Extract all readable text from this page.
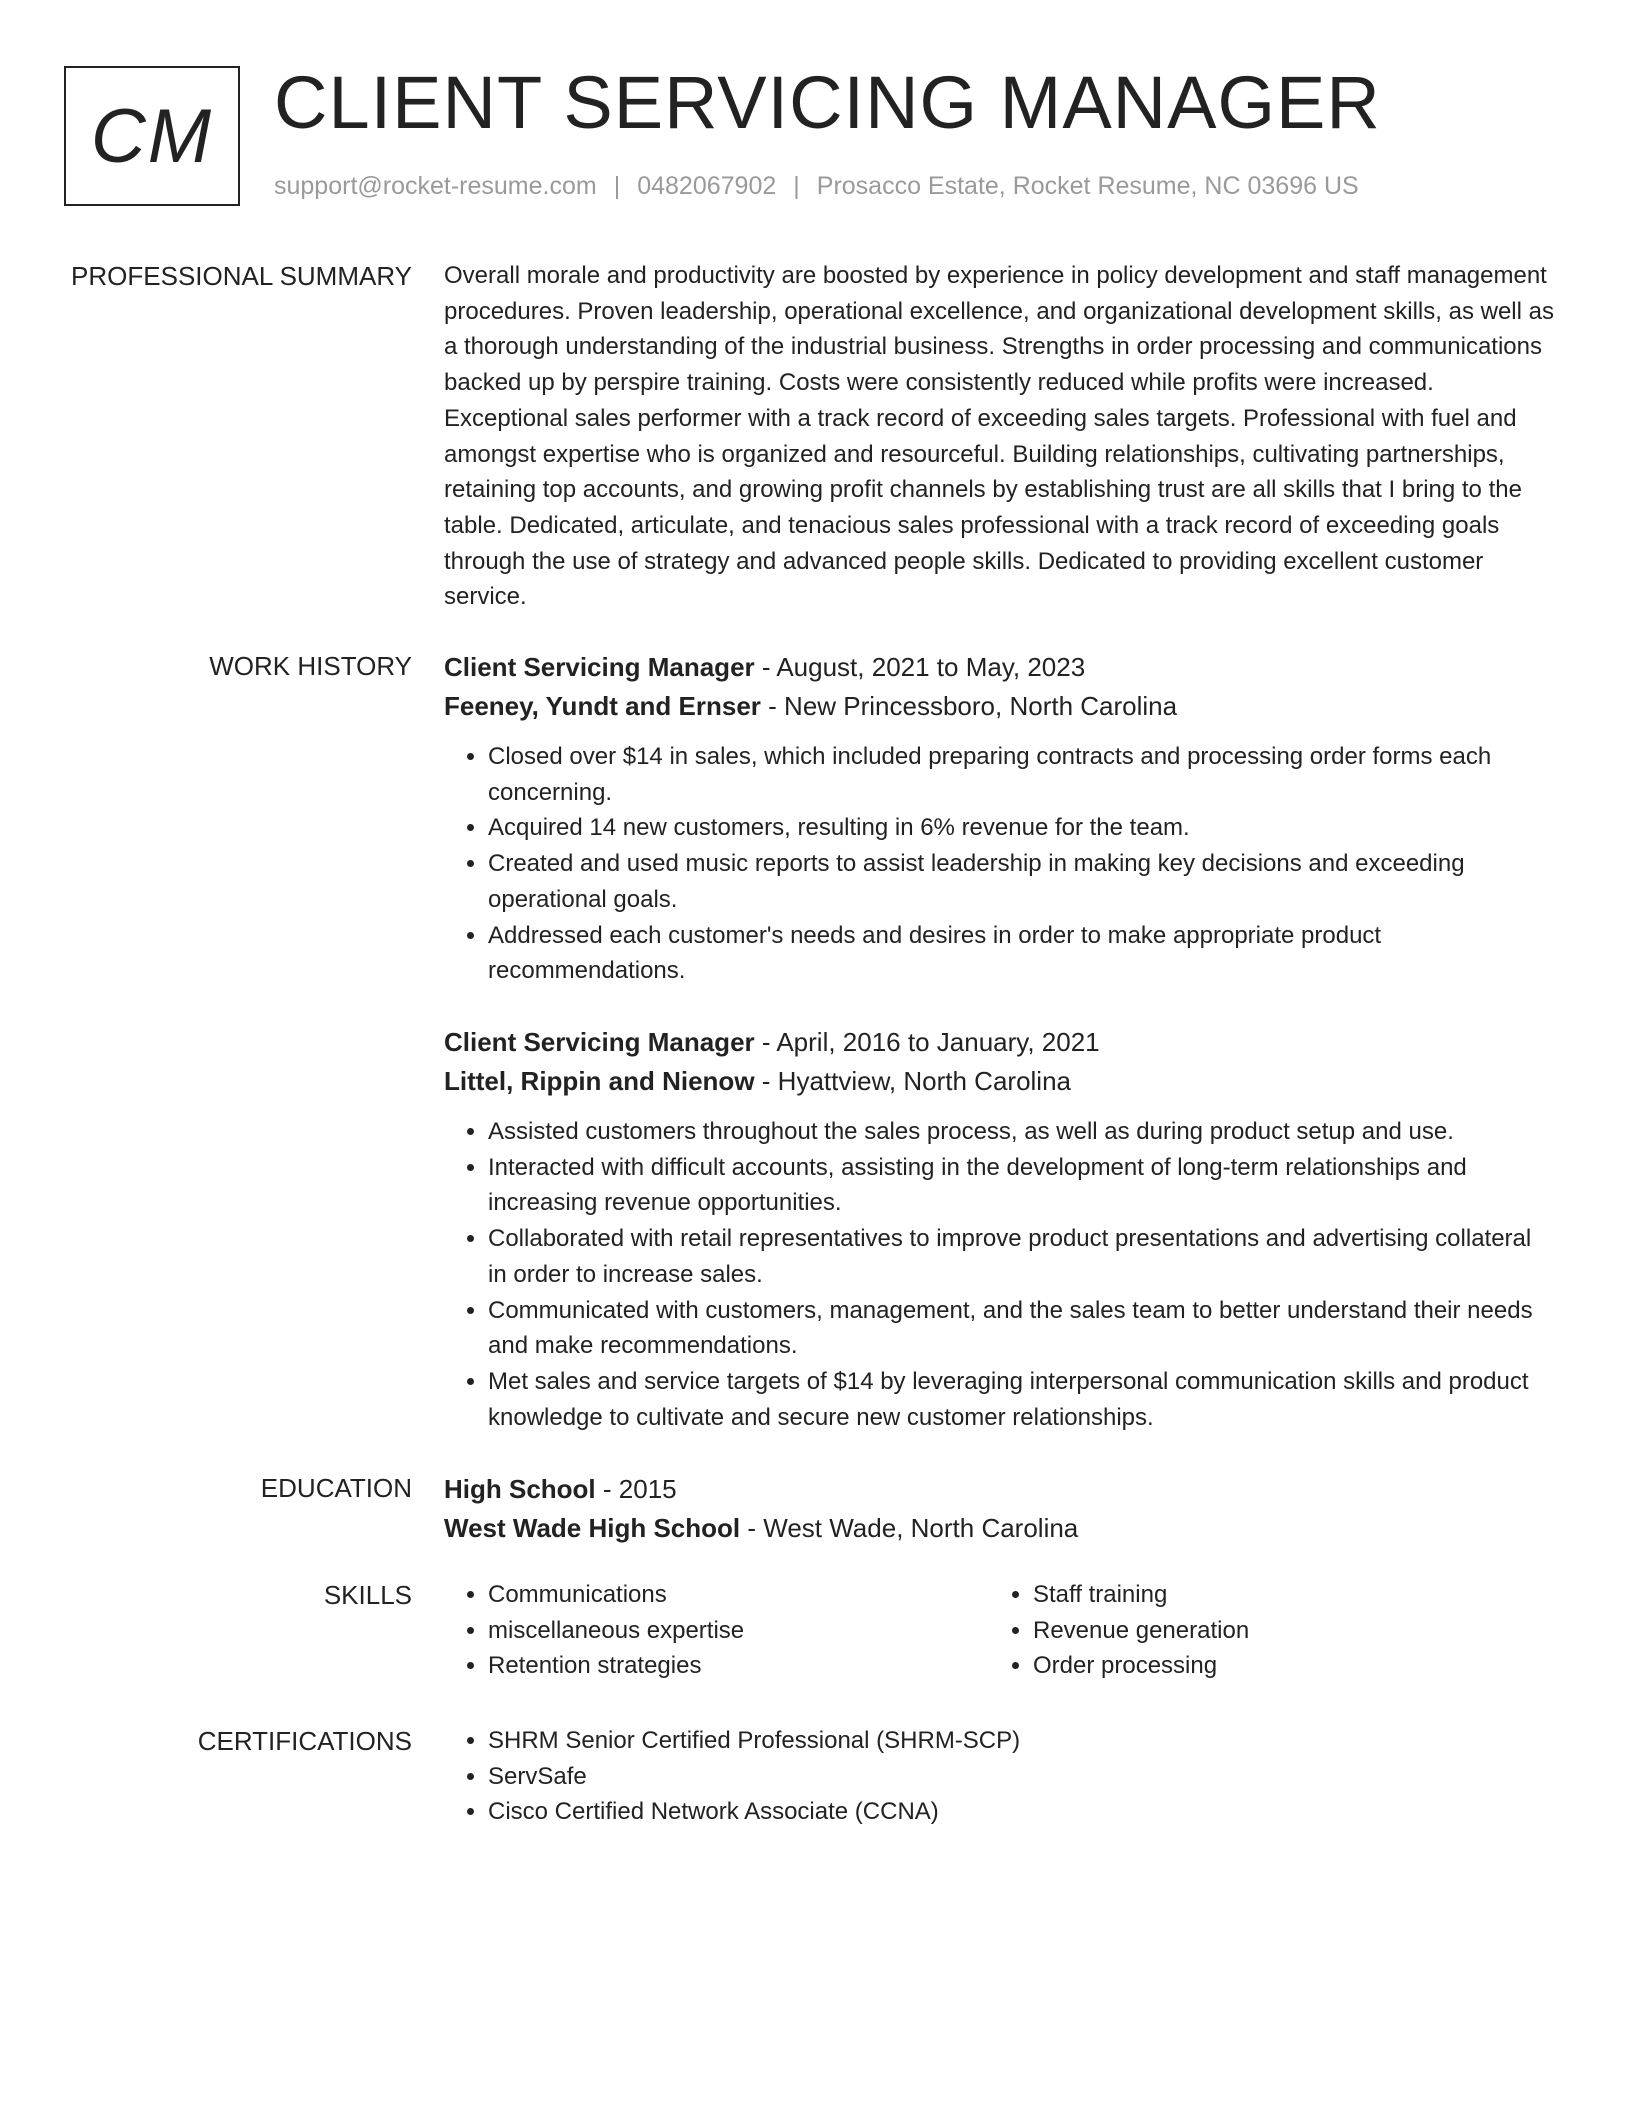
CM CLIENT SERVICING MANAGER
support@rocket-resume.com | 0482067902 | Prosacco Estate, Rocket Resume, NC 03696 US
PROFESSIONAL SUMMARY Overall morale and productivity are boosted by experience in policy development and staff management procedures. Proven leadership, operational excellence, and organizational development skills, as well as a thorough understanding of the industrial business. Strengths in order processing and communications backed up by perspire training. Costs were consistently reduced while profits were increased. Exceptional sales performer with a track record of exceeding sales targets. Professional with fuel and amongst expertise who is organized and resourceful. Building relationships, cultivating partnerships, retaining top accounts, and growing profit channels by establishing trust are all skills that I bring to the table. Dedicated, articulate, and tenacious sales professional with a track record of exceeding goals through the use of strategy and advanced people skills. Dedicated to providing excellent customer service.

WORK HISTORY Client Servicing Manager - August, 2021 to May, 2023
Feeney, Yundt and Ernser - New Princessboro, North Carolina
• Closed over $14 in sales, which included preparing contracts and processing order forms each concerning.
• Acquired 14 new customers, resulting in 6% revenue for the team.
• Created and used music reports to assist leadership in making key decisions and exceeding operational goals.
• Addressed each customer's needs and desires in order to make appropriate product recommendations.
Client Servicing Manager - April, 2016 to January, 2021
Littel, Rippin and Nienow - Hyattview, North Carolina
• Assisted customers throughout the sales process, as well as during product setup and use.
• Interacted with difficult accounts, assisting in the development of long-term relationships and increasing revenue opportunities.
• Collaborated with retail representatives to improve product presentations and advertising collateral in order to increase sales.
• Communicated with customers, management, and the sales team to better understand their needs and make recommendations.
• Met sales and service targets of $14 by leveraging interpersonal communication skills and product knowledge to cultivate and secure new customer relationships.
EDUCATION High School - 2015
West Wade High School - West Wade, North Carolina
SKILLS	• Communications
• miscellaneous expertise
• Retention strategies
• Staff training
• Revenue generation
• Order processing
CERTIFICATIONS	• SHRM Senior Certified Professional (SHRM-SCP)
• ServSafe
• Cisco Certified Network Associate (CCNA)
